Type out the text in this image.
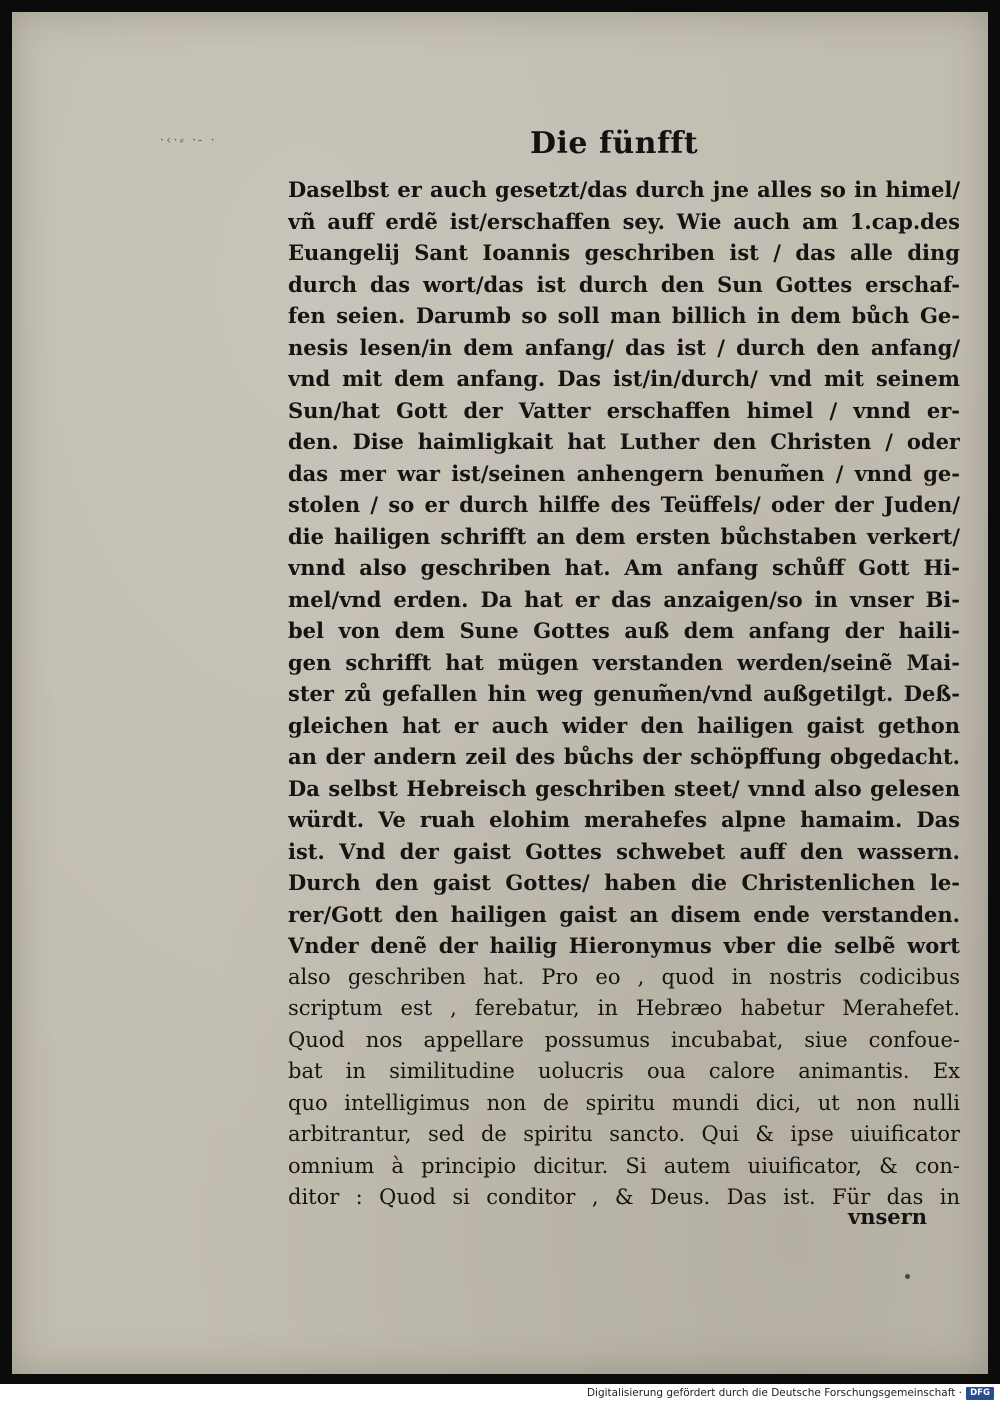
·‹·⸗ ·- ·	Die fünfft
Daselbst er auch gesetzt/das durch jne alles so in himel/
vñ auff erdẽ ist/erschaffen sey. Wie auch am 1.cap.des
Euangelij Sant Ioannis geschriben ist / das alle ding
durch das wort/das ist durch den Sun Gottes erschaf-
fen seien. Darumb so soll man billich in dem bůch Ge-
nesis lesen/in dem anfang/ das ist / durch den anfang/
vnd mit dem anfang. Das ist/in/durch/ vnd mit seinem
Sun/hat Gott der Vatter erschaffen himel / vnnd er-
den. Dise haimligkait hat Luther den Christen / oder
das mer war ist/seinen anhengern benum̃en / vnnd ge-
stolen / so er durch hilffe des Teüffels/ oder der Juden/
die hailigen schrifft an dem ersten bůchstaben verkert/
vnnd also geschriben hat. Am anfang schůff Gott Hi-
mel/vnd erden. Da hat er das anzaigen/so in vnser Bi-
bel von dem Sune Gottes auß dem anfang der haili-
gen schrifft hat mügen verstanden werden/seinẽ Mai-
ster zů gefallen hin weg genum̃en/vnd außgetilgt. Deß-
gleichen hat er auch wider den hailigen gaist gethon
an der andern zeil des bůchs der schöpffung obgedacht.
Da selbst Hebreisch geschriben steet/ vnnd also gelesen
würdt. Ve ruah elohim merahefes alpne hamaim. Das
ist. Vnd der gaist Gottes schwebet auff den wassern.
Durch den gaist Gottes/ haben die Christenlichen le-
rer/Gott den hailigen gaist an disem ende verstanden.
Vnder denẽ der hailig Hieronymus vber die selbẽ wort
also geschriben hat. Pro eo , quod in nostris codicibus
scriptum est , ferebatur, in Hebræo habetur Merahefet.
Quod nos appellare possumus incubabat, siue confoue-
bat in similitudine uolucris oua calore animantis. Ex
quo intelligimus non de spiritu mundi dici, ut non nulli
arbitrantur, sed de spiritu sancto. Qui & ipse uiuificator
omnium à principio dicitur. Si autem uiuificator, & con-
ditor : Quod si conditor , & Deus. Das ist. Für das in
vnsern
Digitalisierung gefördert durch die Deutsche Forschungsgemeinschaft · DFG
